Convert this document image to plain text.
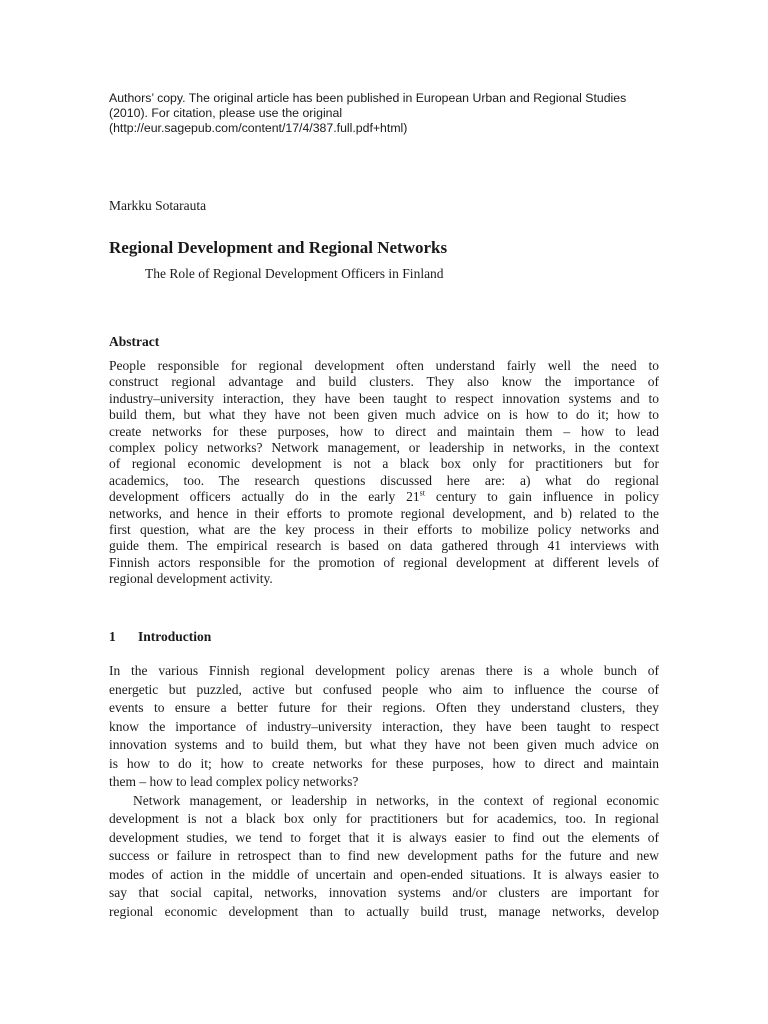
Authors’ copy. The original article has been published in European Urban and Regional Studies
(2010). For citation, please use the original
(http://eur.sagepub.com/content/17/4/387.full.pdf+html)
Markku Sotarauta
Regional Development and Regional Networks
The Role of Regional Development Officers in Finland
Abstract
People responsible for regional development often understand fairly well the need to
construct regional advantage and build clusters. They also know the importance of
industry–university interaction, they have been taught to respect innovation systems and to
build them, but what they have not been given much advice on is how to do it; how to
create networks for these purposes, how to direct and maintain them – how to lead
complex policy networks? Network management, or leadership in networks, in the context
of regional economic development is not a black box only for practitioners but for
academics, too. The research questions discussed here are: a) what do regional
development officers actually do in the early 21st century to gain influence in policy
networks, and hence in their efforts to promote regional development, and b) related to the
first question, what are the key process in their efforts to mobilize policy networks and
guide them. The empirical research is based on data gathered through 41 interviews with
Finnish actors responsible for the promotion of regional development at different levels of
regional development activity.
1 Introduction
In the various Finnish regional development policy arenas there is a whole bunch of
energetic but puzzled, active but confused people who aim to influence the course of
events to ensure a better future for their regions. Often they understand clusters, they
know the importance of industry–university interaction, they have been taught to respect
innovation systems and to build them, but what they have not been given much advice on
is how to do it; how to create networks for these purposes, how to direct and maintain
them – how to lead complex policy networks?
Network management, or leadership in networks, in the context of regional economic
development is not a black box only for practitioners but for academics, too. In regional
development studies, we tend to forget that it is always easier to find out the elements of
success or failure in retrospect than to find new development paths for the future and new
modes of action in the middle of uncertain and open-ended situations. It is always easier to
say that social capital, networks, innovation systems and/or clusters are important for
regional economic development than to actually build trust, manage networks, develop
